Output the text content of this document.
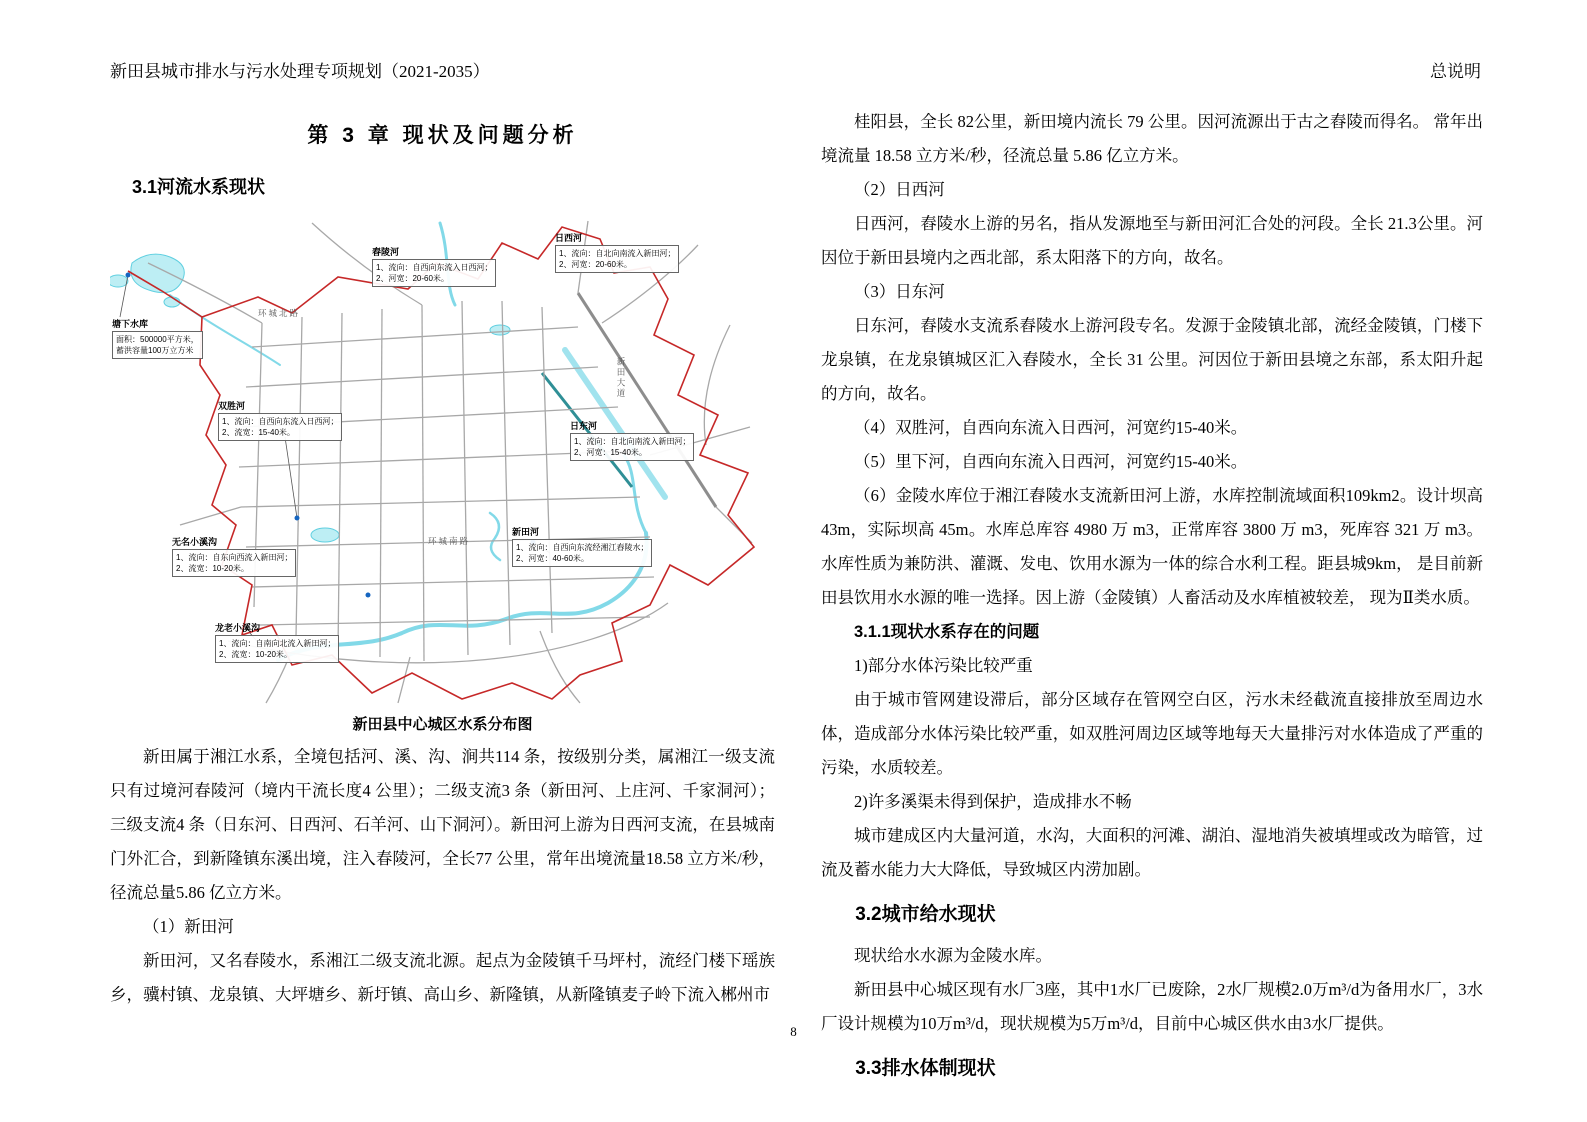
新田县城市排水与污水处理专项规划（2021-2035）	总说明
第 3 章 现状及问题分析
3.1河流水系现状
日西河
1、流向：自北向南流入新田河；
2、河宽：20-60米。
舂陵河
1、流向：自西向东流入日西河；
2、河宽：20-60米。
塘下水库
面积：500000平方米，
蓄洪容量100万立方米
双胜河
1、流向：自西向东流入日西河；
2、流宽：15-40米。
日东河
1、流向：自北向南流入新田河；
2、河宽：15-40米。
无名小溪沟
1、流向：自东向西流入新田河；
2、流宽：10-20米。
新田河
1、流向：自西向东流经湘江舂陵水；
2、河宽：40-60米。
龙老小溪沟
1、流向：自南向北流入新田河；
2、流宽：10-20米。
环城北路
环城南路
新田大道
新田县中心城区水系分布图

新田属于湘江水系，全境包括河、溪、沟、涧共114 条，按级别分类，属湘江一级支流只有过境河春陵河（境内干流长度4 公里）；二级支流3 条（新田河、上庄河、千家洞河）；三级支流4 条（日东河、日西河、石羊河、山下洞河）。新田河上游为日西河支流，在县城南门外汇合，到新隆镇东溪出境，注入春陵河，全长77 公里，常年出境流量18.58 立方米/秒，径流总量5.86 亿立方米。

（1）新田河

新田河，又名春陵水，系湘江二级支流北源。起点为金陵镇千马坪村，流经门楼下瑶族乡，骥村镇、龙泉镇、大坪塘乡、新圩镇、高山乡、新隆镇，从新隆镇麦子岭下流入郴州市

桂阳县，全长 82公里，新田境内流长 79 公里。因河流源出于古之舂陵而得名。 常年出境流量 18.58 立方米/秒，径流总量 5.86 亿立方米。

（2）日西河

日西河，舂陵水上游的另名，指从发源地至与新田河汇合处的河段。全长 21.3公里。河因位于新田县境内之西北部，系太阳落下的方向，故名。

（3）日东河

日东河，舂陵水支流系舂陵水上游河段专名。发源于金陵镇北部，流经金陵镇，门楼下龙泉镇，在龙泉镇城区汇入舂陵水，全长 31 公里。河因位于新田县境之东部，系太阳升起的方向，故名。

（4）双胜河，自西向东流入日西河，河宽约15-40米。

（5）里下河，自西向东流入日西河，河宽约15-40米。

（6）金陵水库位于湘江舂陵水支流新田河上游，水库控制流域面积109km2。设计坝高43m，实际坝高 45m。水库总库容 4980 万 m3，正常库容 3800 万 m3，死库容 321 万 m3。水库性质为兼防洪、灌溉、发电、饮用水源为一体的综合水利工程。距县城9km， 是目前新田县饮用水水源的唯一选择。因上游（金陵镇）人畜活动及水库植被较差， 现为Ⅱ类水质。

3.1.1现状水系存在的问题

1)部分水体污染比较严重

由于城市管网建设滞后，部分区域存在管网空白区，污水未经截流直接排放至周边水体，造成部分水体污染比较严重，如双胜河周边区域等地每天大量排污对水体造成了严重的污染，水质较差。

2)许多溪渠未得到保护，造成排水不畅

城市建成区内大量河道，水沟，大面积的河滩、湖泊、湿地消失被填埋或改为暗管，过流及蓄水能力大大降低，导致城区内涝加剧。

3.2城市给水现状

现状给水水源为金陵水库。

新田县中心城区现有水厂3座，其中1水厂已废除，2水厂规模2.0万m³/d为备用水厂，3水厂设计规模为10万m³/d，现状规模为5万m³/d，目前中心城区供水由3水厂提供。

3.3排水体制现状

8
